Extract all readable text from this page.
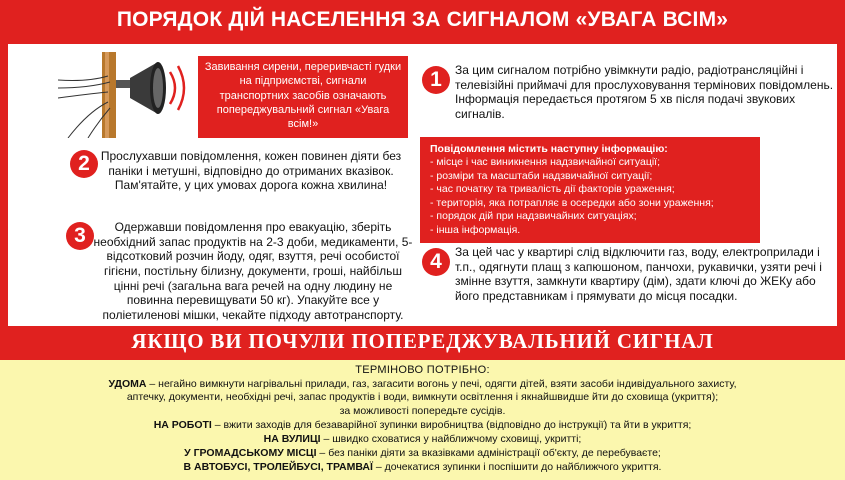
ПОРЯДОК ДІЙ НАСЕЛЕННЯ ЗА СИГНАЛОМ «УВАГА ВСІМ»
Завивання сирени, переривчасті гудки на підприємстві, сигнали транспортних засобів означають попереджувальний сигнал «Увага всім!»
1	За цим сигналом потрібно увімкнути радіо, радіотрансляційні і телевізійні приймачі для прослуховування термінових повідомлень. Інформація передається протягом 5 хв після подачі звукових сигналів.
2 Прослухавши повідомлення, кожен повинен діяти без паніки і метушні, відповідно до отриманих вказівок. Пам'ятайте, у цих умовах дорога кожна хвилина!
Повідомлення містить наступну інформацію:
- місце і час виникнення надзвичайної ситуації;
- розміри та масштаби надзвичайної ситуації;
- час початку та тривалість дії факторів ураження;
- територія, яка потрапляє в осередки або зони ураження;
- порядок дій при надзвичайних ситуаціях;
- інша інформація.
3	Одержавши повідомлення про евакуацію, зберіть необхідний запас продуктів на 2-3 доби, медикаменти, 5-відсотковий розчин йоду, одяг, взуття, речі особистої гігієни, постільну білизну, документи, гроші, найбільш цінні речі (загальна вага речей на одну людину не повинна перевищувати 50 кг). Упакуйте все у поліетиленові мішки, чекайте підходу автотранспорту.
4	За цей час у квартирі слід відключити газ, воду, електроприлади і т.п., одягнути плащ з капюшоном, панчохи, рукавички, узяти речі і змінне взуття, замкнути квартиру (дім), здати ключі до ЖЕКу або його представникам і прямувати до місця посадки.
ЯКЩО ВИ ПОЧУЛИ ПОПЕРЕДЖУВАЛЬНИЙ СИГНАЛ
ТЕРМІНОВО ПОТРІБНО:
УДОМА – негайно вимкнути нагрівальні прилади, газ, загасити вогонь у печі, одягти дітей, взяти засоби індивідуального захисту,
аптечку, документи, необхідні речі, запас продуктів і води, вимкнути освітлення і якнайшвидше йти до сховища (укриття);
за можливості попередьте сусідів.
НА РОБОТІ – вжити заходів для безаварійної зупинки виробництва (відповідно до інструкції) та йти в укриття;
НА ВУЛИЦІ – швидко сховатися у найближчому сховищі, укритті;
У ГРОМАДСЬКОМУ МІСЦІ – без паніки діяти за вказівками адміністрації об'єкту, де перебуваєте;
В АВТОБУСІ, ТРОЛЕЙБУСІ, ТРАМВАЇ – дочекатися зупинки і поспішити до найближчого укриття.
